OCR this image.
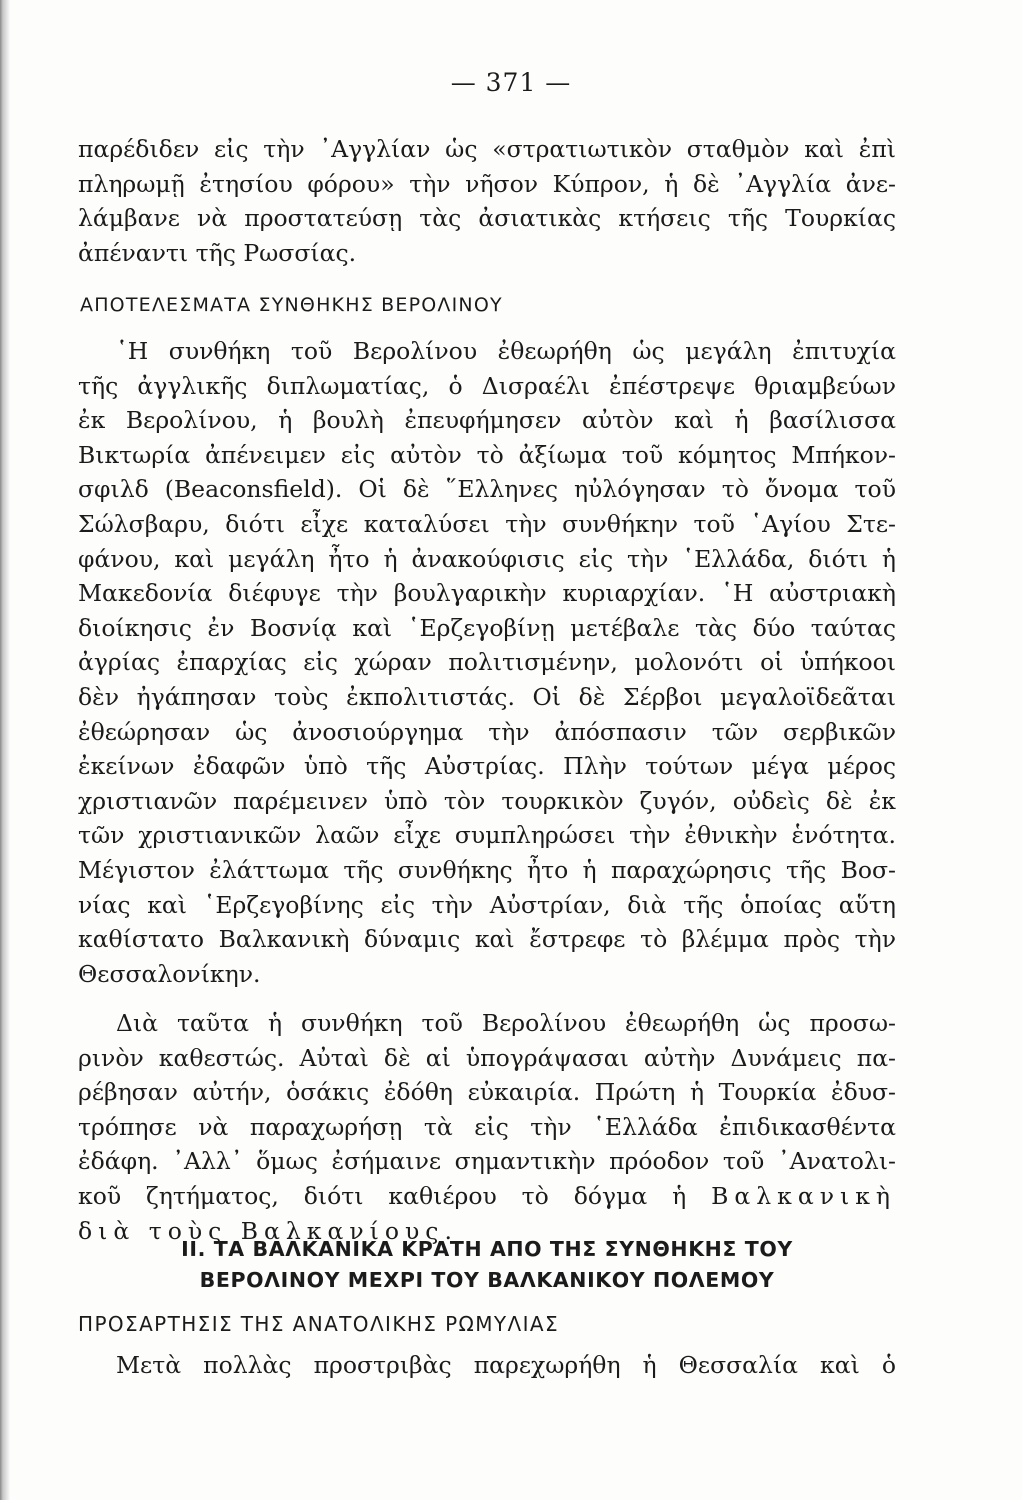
— 371 —
παρέδιδεν εἰς τὴν ᾿Αγγλίαν ὡς «στρατιωτικὸν σταθμὸν καὶ ἐπὶ
πληρωμῇ ἐτησίου φόρου» τὴν νῆσον Κύπρον, ἡ δὲ ᾿Αγγλία ἀνε-
λάμβανε νὰ προστατεύσῃ τὰς ἀσιατικὰς κτήσεις τῆς Τουρκίας
ἀπέναντι τῆς Ρωσσίας.
ΑΠΟΤΕΛΕΣΜΑΤΑ ΣΥΝΘΗΚΗΣ ΒΕΡΟΛΙΝΟΥ
῾Η συνθήκη τοῦ Βερολίνου ἐθεωρήθη ὡς μεγάλη ἐπιτυχία
τῆς ἀγγλικῆς διπλωματίας, ὁ Δισραέλι ἐπέστρεψε θριαμβεύων
ἐκ Βερολίνου, ἡ βουλὴ ἐπευφήμησεν αὐτὸν καὶ ἡ βασίλισσα
Βικτωρία ἀπένειμεν εἰς αὐτὸν τὸ ἀξίωμα τοῦ κόμητος Μπήκον-
σφιλδ (Beaconsfield). Οἱ δὲ ῞Ελληνες ηὐλόγησαν τὸ ὄνομα τοῦ
Σώλσβαρυ, διότι εἶχε καταλύσει τὴν συνθήκην τοῦ ῾Αγίου Στε-
φάνου, καὶ μεγάλη ἦτο ἡ ἀνακούφισις εἰς τὴν ῾Ελλάδα, διότι ἡ
Μακεδονία διέφυγε τὴν βουλγαρικὴν κυριαρχίαν. ῾Η αὐστριακὴ
διοίκησις ἐν Βοσνίᾳ καὶ ῾Ερζεγοβίνῃ μετέβαλε τὰς δύο ταύτας
ἀγρίας ἐπαρχίας εἰς χώραν πολιτισμένην, μολονότι οἱ ὑπήκοοι
δὲν ἠγάπησαν τοὺς ἐκπολιτιστάς. Οἱ δὲ Σέρβοι μεγαλοϊδεᾶται
ἐθεώρησαν ὡς ἀνοσιούργημα τὴν ἀπόσπασιν τῶν σερβικῶν
ἐκείνων ἐδαφῶν ὑπὸ τῆς Αὐστρίας. Πλὴν τούτων μέγα μέρος
χριστιανῶν παρέμεινεν ὑπὸ τὸν τουρκικὸν ζυγόν, οὐδεὶς δὲ ἐκ
τῶν χριστιανικῶν λαῶν εἶχε συμπληρώσει τὴν ἐθνικὴν ἑνότητα.
Μέγιστον ἐλάττωμα τῆς συνθήκης ἦτο ἡ παραχώρησις τῆς Βοσ-
νίας καὶ ῾Ερζεγοβίνης εἰς τὴν Αὐστρίαν, διὰ τῆς ὁποίας αὕτη
καθίστατο Βαλκανικὴ δύναμις καὶ ἔστρεφε τὸ βλέμμα πρὸς τὴν
Θεσσαλονίκην.
Διὰ ταῦτα ἡ συνθήκη τοῦ Βερολίνου ἐθεωρήθη ὡς προσω-
ρινὸν καθεστώς. Αὐταὶ δὲ αἱ ὑπογράψασαι αὐτὴν Δυνάμεις πα-
ρέβησαν αὐτήν, ὁσάκις ἐδόθη εὐκαιρία. Πρώτη ἡ Τουρκία ἐδυσ-
τρόπησε νὰ παραχωρήσῃ τὰ εἰς τὴν ῾Ελλάδα ἐπιδικασθέντα
ἐδάφη. ᾿Αλλ᾿ ὅμως ἐσήμαινε σημαντικὴν πρόοδον τοῦ ᾿Ανατολι-
κοῦ ζητήματος, διότι καθιέρου τὸ δόγμα ἡ Βαλκανικὴ
διὰ τοὺς Βαλκανίους.
ΙΙ. ΤΑ ΒΑΛΚΑΝΙΚΑ ΚΡΑΤΗ ΑΠΟ ΤΗΣ ΣΥΝΘΗΚΗΣ ΤΟΥ
ΒΕΡΟΛΙΝΟΥ ΜΕΧΡΙ ΤΟΥ ΒΑΛΚΑΝΙΚΟΥ ΠΟΛΕΜΟΥ
ΠΡΟΣΑΡΤΗΣΙΣ ΤΗΣ ΑΝΑΤΟΛΙΚΗΣ ΡΩΜΥΛΙΑΣ
Μετὰ πολλὰς προστριβὰς παρεχωρήθη ἡ Θεσσαλία καὶ ὁ
